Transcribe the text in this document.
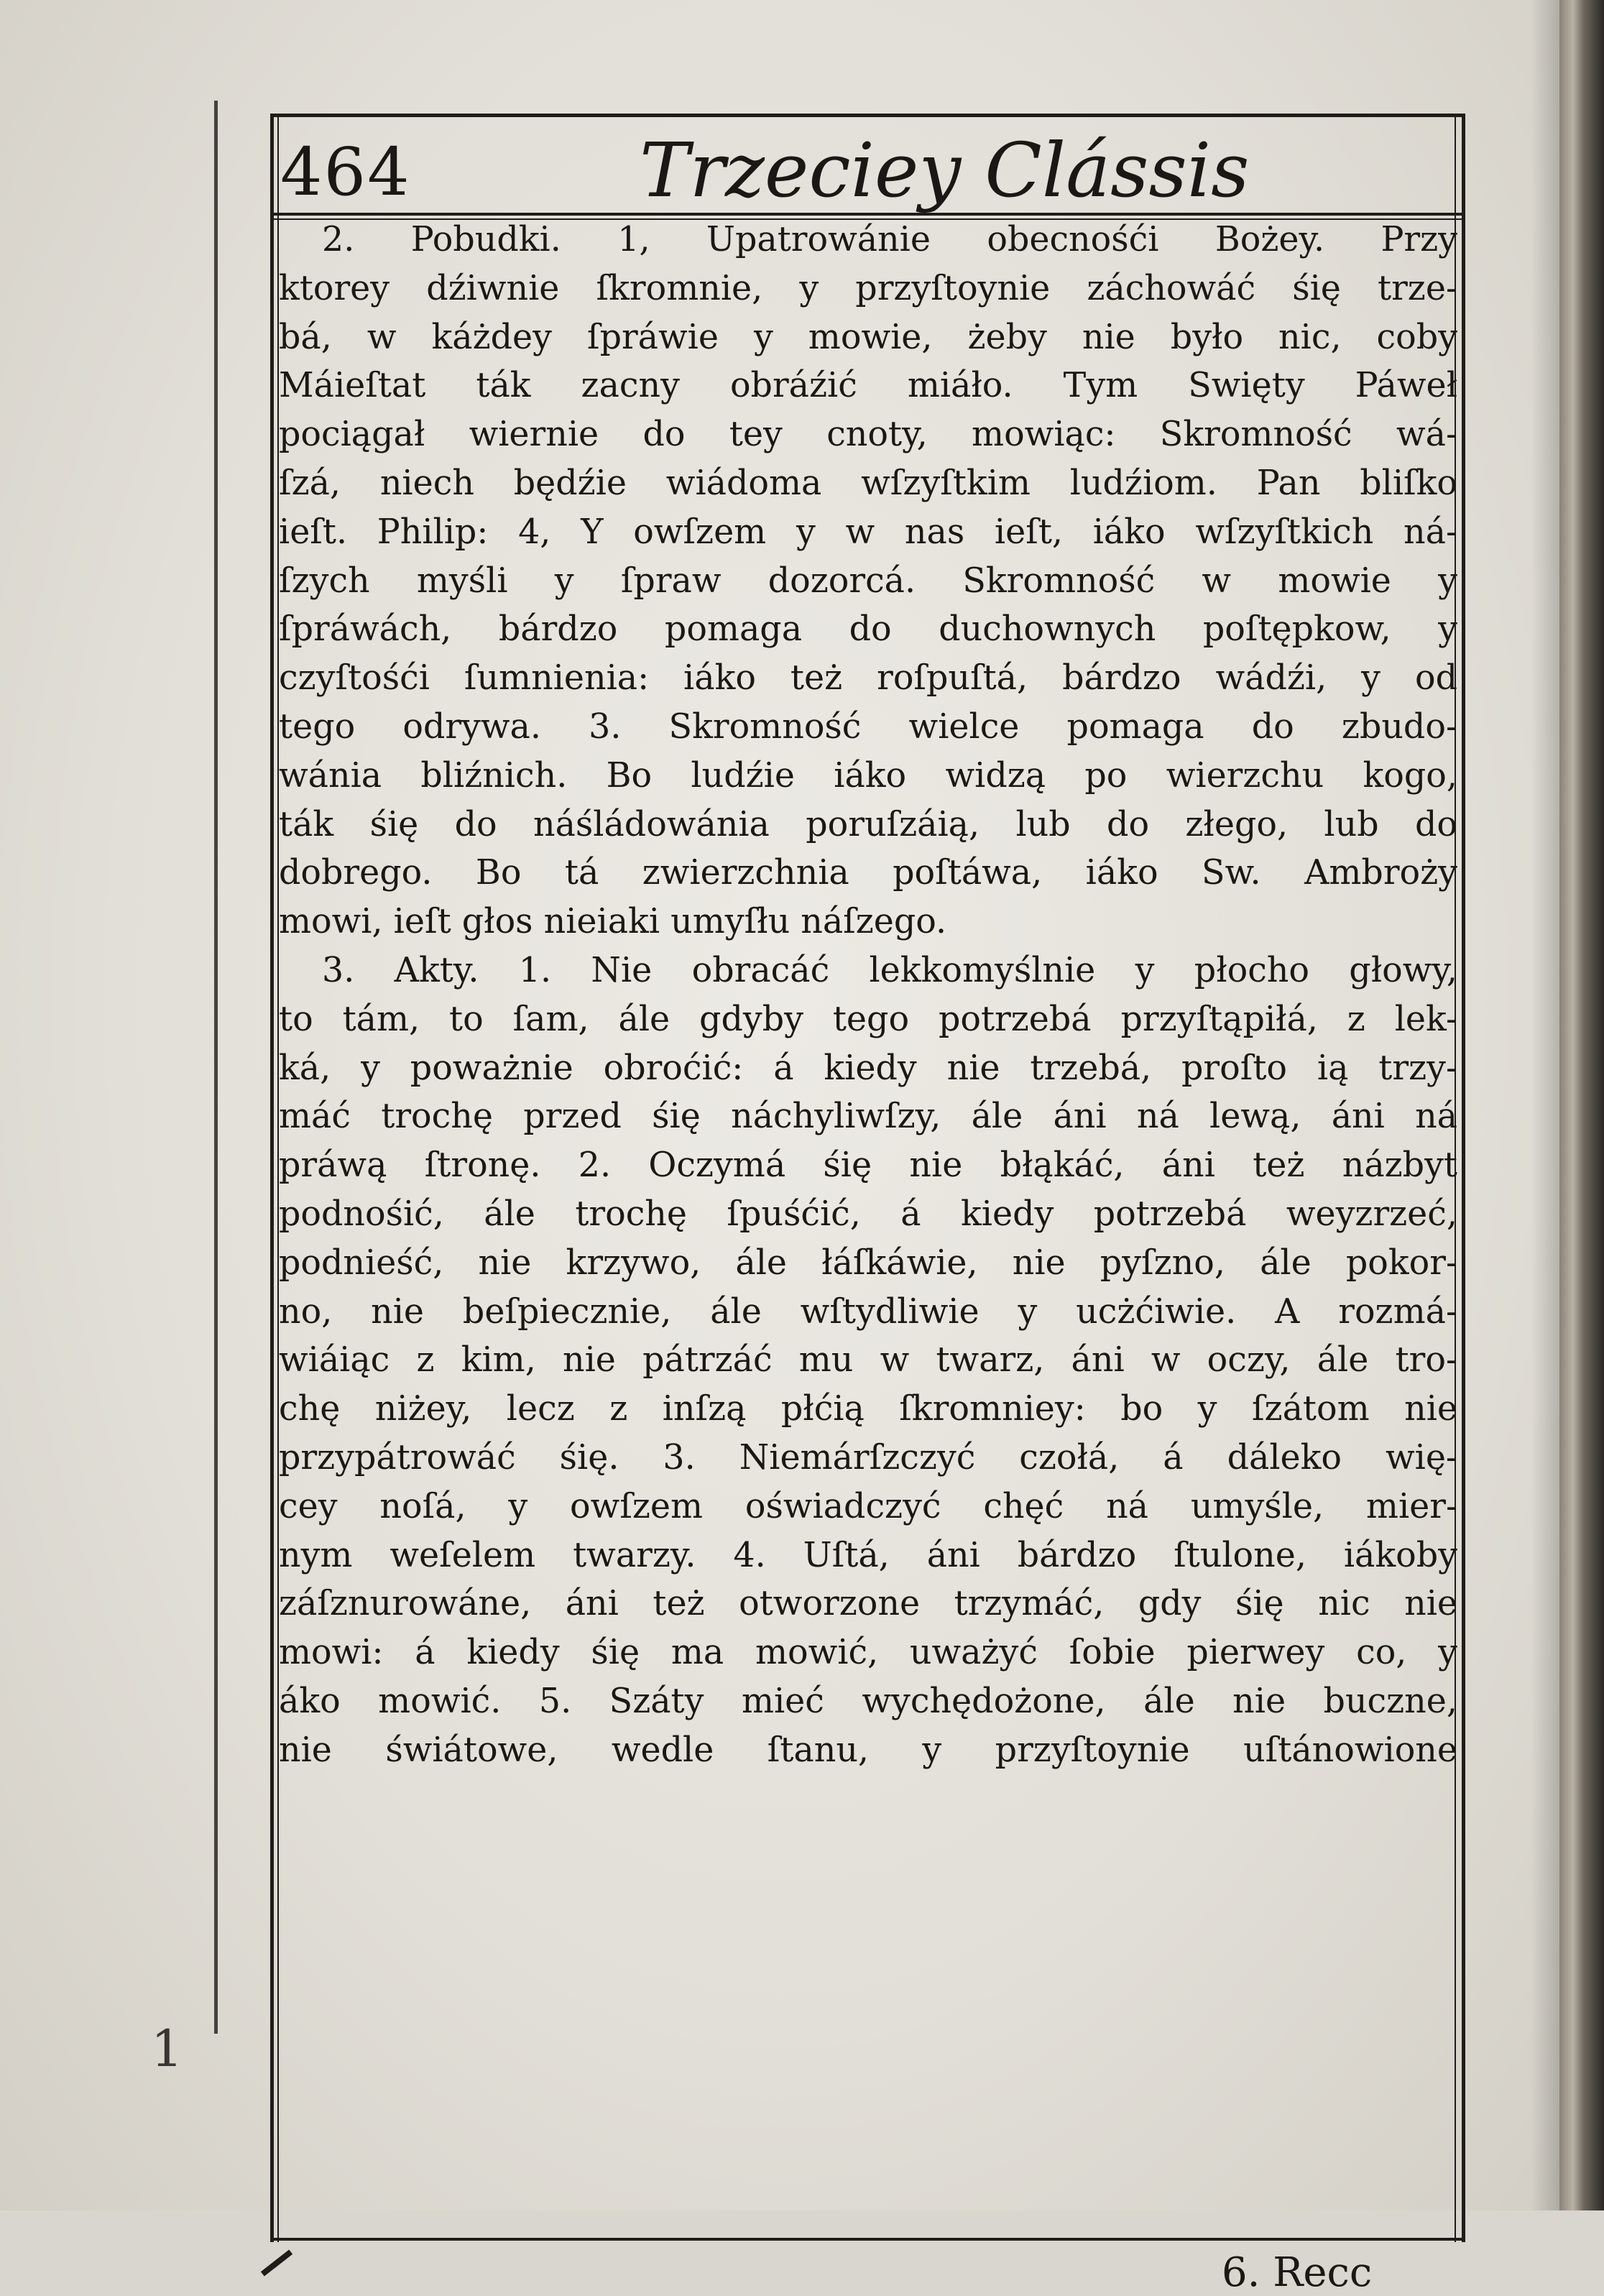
464	Trzeciey Clássis
2. Pobudki. 1, Upatrowánie obecnośći Bożey. Przy
ktorey dźiwnie ſkromnie, y przyſtoynie záchowáć śię trze-
bá, w káżdey ſpráwie y mowie, żeby nie było nic, coby
Máieſtat ták zacny obráźić miáło. Tym Swięty Páweł
pociągał wiernie do tey cnoty, mowiąc: Skromność wá-
ſzá, niech będźie wiádoma wſzyſtkim ludźiom. Pan bliſko
ieſt. Philip: 4, Y owſzem y w nas ieſt, iáko wſzyſtkich ná-
ſzych myśli y ſpraw dozorcá. Skromność w mowie y
ſpráwách, bárdzo pomaga do duchownych poſtępkow, y
czyſtośći ſumnienia: iáko też roſpuſtá, bárdzo wádźi, y od
tego odrywa. 3. Skromność wielce pomaga do zbudo-
wánia bliźnich. Bo ludźie iáko widzą po wierzchu kogo,
ták śię do náśládowánia poruſzáią, lub do złego, lub do
dobrego. Bo tá zwierzchnia poſtáwa, iáko Sw. Ambroży
mowi, ieſt głos nieiaki umyſłu náſzego.
3. Akty. 1. Nie obracáć lekkomyślnie y płocho głowy,
to tám, to ſam, ále gdyby tego potrzebá przyſtąpiłá, z lek-
ká, y poważnie obroćić: á kiedy nie trzebá, proſto ią trzy-
máć trochę przed śię náchyliwſzy, ále áni ná lewą, áni ná
práwą ſtronę. 2. Oczymá śię nie błąkáć, áni też názbyt
podnośić, ále trochę ſpuśćić, á kiedy potrzebá weyzrzeć,
podnieść, nie krzywo, ále łáſkáwie, nie pyſzno, ále pokor-
no, nie beſpiecznie, ále wſtydliwie y ucżćiwie. A rozmá-
wiáiąc z kim, nie pátrzáć mu w twarz, áni w oczy, ále tro-
chę niżey, lecz z inſzą płćią ſkromniey: bo y ſzátom nie
przypátrowáć śię. 3. Niemárſzczyć czołá, á dáleko wię-
cey noſá, y owſzem oświadczyć chęć ná umyśle, mier-
nym weſelem twarzy. 4. Uſtá, áni bárdzo ſtulone, iákoby
záſznurowáne, áni też otworzone trzymáć, gdy śię nic nie
mowi: á kiedy śię ma mowić, uważyć ſobie pierwey co, y
áko mowić. 5. Száty mieć wychędożone, ále nie buczne,
nie świátowe, wedle ſtanu, y przyſtoynie uſtánowione
6. Recc
1
